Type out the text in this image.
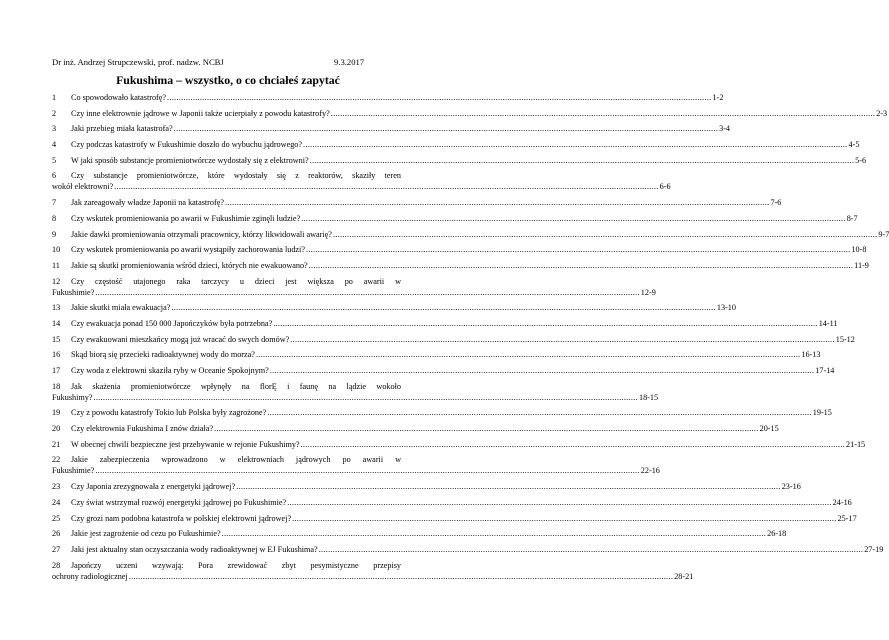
Dr inż. Andrzej Strupczewski, prof. nadzw. NCBJ	9.3.2017
Fukushima – wszystko, o co chciałeś zapytać
1	Co spowodowało katastrofę? .....	1-2
2	Czy inne elektrownie jądrowe w Japonii także ucierpiały z powodu katastrofy? .....	2-3
3	Jaki przebieg miała katastrofa? .....	3-4
4	Czy podczas katastrofy w Fukushimie doszło do wybuchu jądrowego? .....	4-5
5	W jaki sposób substancje promieniotwórcze wydostały się z elektrowni? .....	5-6
6	Czy substancje promieniotwórcze, które wydostały się z reaktorów, skaziły teren
wokół elektrowni? .....	6-6
7	Jak zareagowały władze Japonii na katastrofę? .....	7-6
8	Czy wskutek promieniowania po awarii w Fukushimie zginęli ludzie? .....	8-7
9	Jakie dawki promieniowania otrzymali pracownicy, którzy likwidowali awarię? .....	9-7
10	Czy wskutek promieniowania po awarii wystąpiły zachorowania ludzi? .....	10-8
11	Jakie są skutki promieniowania wśród dzieci, których nie ewakuowano? .....	11-9
12	Czy częstość utajonego raka tarczycy u dzieci jest większa po awarii w
Fukushimie? .....	12-9
13	Jakie skutki miała ewakuacja? .....	13-10
14	Czy ewakuacja ponad 150 000 Japończyków była potrzebna? .....	14-11
15	Czy ewakuowani mieszkańcy mogą już wracać do swych domów? .....	15-12
16	Skąd biorą się przecieki radioaktywnej wody do morza? .....	16-13
17	Czy woda z elektrowni skaziła ryby w Oceanie Spokojnym? .....	17-14
18	Jak skażenia promieniotwórcze wpłynęły na florĘ i faunę na lądzie wokoło
Fukushimy? .....	18-15
19	Czy z powodu katastrofy Tokio lub Polska były zagrożone? .....	19-15
20	Czy elektrownia Fukushima I znów działa? .....	20-15
21	W obecnej chwili bezpieczne jest przebywanie w rejonie Fukushimy? .....	21-15
22	Jakie zabezpieczenia wprowadzono w elektrowniach jądrowych po awarii w
Fukushimie? .....	22-16
23	Czy Japonia zrezygnowała z energetyki jądrowej? .....	23-16
24	Czy świat wstrzymał rozwój energetyki jądrowej po Fukushimie? .....	24-16
25	Czy grozi nam podobna katastrofa w polskiej elektrowni jądrowej? .....	25-17
26	Jakie jest zagrożenie od cezu po Fukushimie? .....	26-18
27	Jaki jest aktualny stan oczyszczania wody radioaktywnej w EJ Fukushima? .....	27-19
28	Japończy uczeni wzywają: Pora zrewidować zbyt pesymistyczne przepisy
ochrony radiologicznej .....	28-21
